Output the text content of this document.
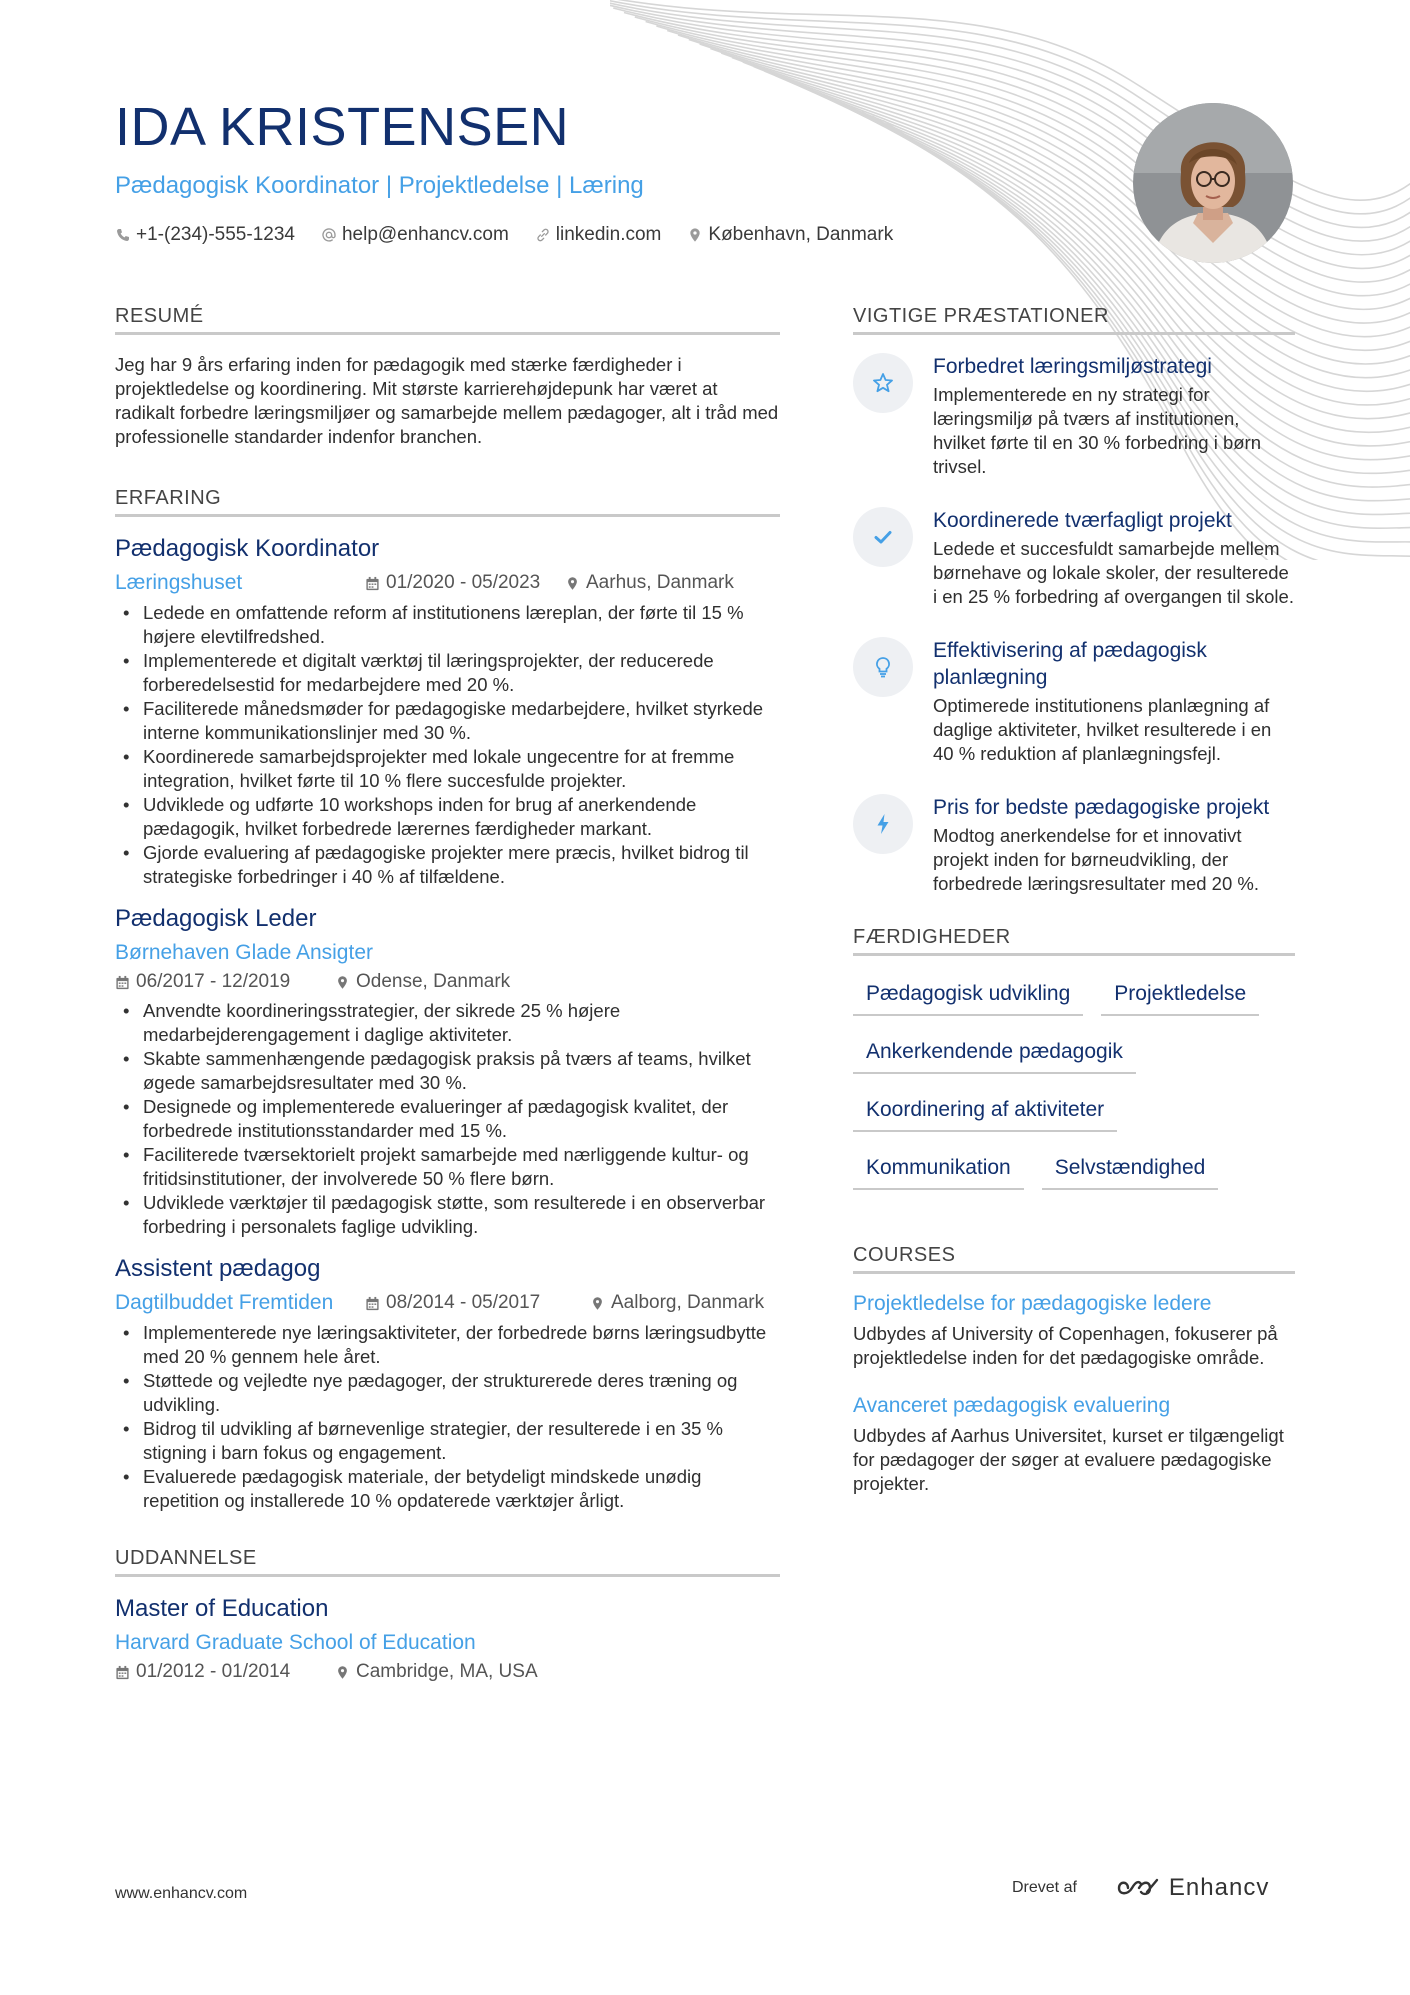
IDA KRISTENSEN
Pædagogisk Koordinator | Projektledelse | Læring
+1-(234)-555-1234 help@enhancv.com linkedin.com København, Danmark
RESUMÉ

Jeg har 9 års erfaring inden for pædagogik med stærke færdigheder i projektledelse og koordinering. Mit største karrierehøjdepunk har været at radikalt forbedre læringsmiljøer og samarbejde mellem pædagoger, alt i tråd med professionelle standarder indenfor branchen.

ERFARING
Pædagogisk Koordinator
Læringshuset	01/2020 - 05/2023 Aarhus, Danmark
• Ledede en omfattende reform af institutionens læreplan, der førte til 15 % højere elevtilfredshed.
• Implementerede et digitalt værktøj til læringsprojekter, der reducerede forberedelsestid for medarbejdere med 20 %.
• Faciliterede månedsmøder for pædagogiske medarbejdere, hvilket styrkede interne kommunikationslinjer med 30 %.
• Koordinerede samarbejdsprojekter med lokale ungecentre for at fremme integration, hvilket førte til 10 % flere succesfulde projekter.
• Udviklede og udførte 10 workshops inden for brug af anerkendende pædagogik, hvilket forbedrede lærernes færdigheder markant.
• Gjorde evaluering af pædagogiske projekter mere præcis, hvilket bidrog til strategiske forbedringer i 40 % af tilfældene.
Pædagogisk Leder
Børnehaven Glade Ansigter
06/2017 - 12/2019	Odense, Danmark
• Anvendte koordineringsstrategier, der sikrede 25 % højere medarbejderengagement i daglige aktiviteter.
• Skabte sammenhængende pædagogisk praksis på tværs af teams, hvilket øgede samarbejdsresultater med 30 %.
• Designede og implementerede evalueringer af pædagogisk kvalitet, der forbedrede institutionsstandarder med 15 %.
• Faciliterede tværsektorielt projekt samarbejde med nærliggende kultur- og fritidsinstitutioner, der involverede 50 % flere børn.
• Udviklede værktøjer til pædagogisk støtte, som resulterede i en observerbar forbedring i personalets faglige udvikling.
Assistent pædagog
Dagtilbuddet Fremtiden	08/2014 - 05/2017	Aalborg, Danmark
• Implementerede nye læringsaktiviteter, der forbedrede børns læringsudbytte med 20 % gennem hele året.
• Støttede og vejledte nye pædagoger, der strukturerede deres træning og udvikling.
• Bidrog til udvikling af børnevenlige strategier, der resulterede i en 35 % stigning i barn fokus og engagement.
• Evaluerede pædagogisk materiale, der betydeligt mindskede unødig repetition og installerede 10 % opdaterede værktøjer årligt.
UDDANNELSE
Master of Education
Harvard Graduate School of Education
01/2012 - 01/2014	Cambridge, MA, USA
VIGTIGE PRÆSTATIONER
Forbedret læringsmiljøstrategi
Implementerede en ny strategi for læringsmiljø på tværs af institutionen, hvilket førte til en 30 % forbedring i børn trivsel.
Koordinerede tværfagligt projekt
Ledede et succesfuldt samarbejde mellem børnehave og lokale skoler, der resulterede i en 25 % forbedring af overgangen til skole.
Effektivisering af pædagogisk planlægning
Optimerede institutionens planlægning af daglige aktiviteter, hvilket resulterede i en 40 % reduktion af planlægningsfejl.
Pris for bedste pædagogiske projekt
Modtog anerkendelse for et innovativt projekt inden for børneudvikling, der forbedrede læringsresultater med 20 %.
FÆRDIGHEDER
Pædagogisk udvikling	Projektledelse
Ankerkendende pædagogik
Koordinering af aktiviteter
Kommunikation	Selvstændighed
COURSES
Projektledelse for pædagogiske ledere
Udbydes af University of Copenhagen, fokuserer på projektledelse inden for det pædagogiske område.
Avanceret pædagogisk evaluering
Udbydes af Aarhus Universitet, kurset er tilgængeligt for pædagoger der søger at evaluere pædagogiske projekter.
www.enhancv.com	Drevet af	Enhancv
